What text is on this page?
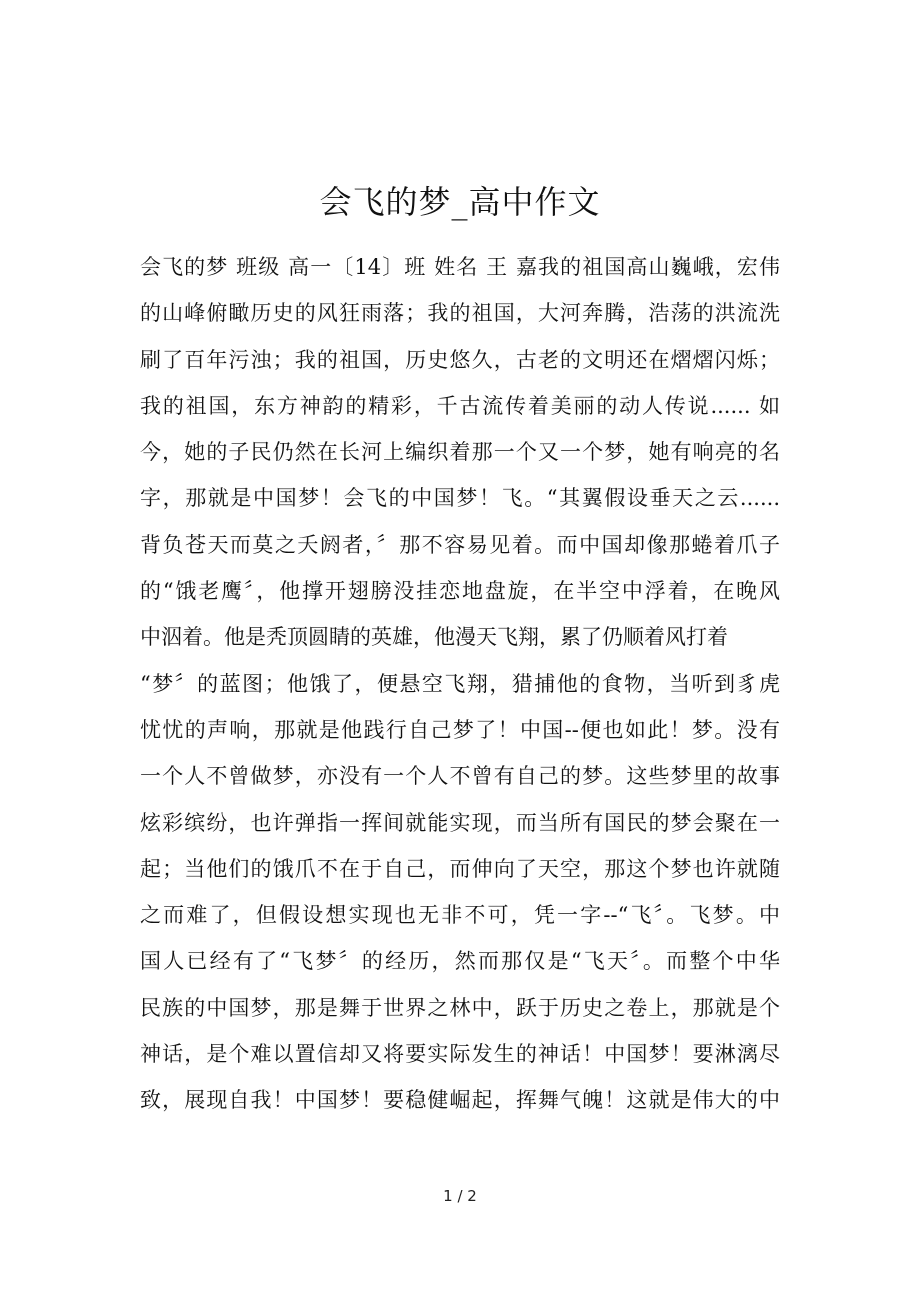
会飞的梦_高中作文
会飞的梦 班级 高一〔14〕班 姓名 王 嘉我的祖国高山巍峨，宏伟
的山峰俯瞰历史的风狂雨落；我的祖国，大河奔腾，浩荡的洪流洗
刷了百年污浊；我的祖国，历史悠久，古老的文明还在熠熠闪烁；
我的祖国，东方神韵的精彩，千古流传着美丽的动人传说...... 如
今，她的子民仍然在长河上编织着那一个又一个梦，她有响亮的名
字，那就是中国梦！会飞的中国梦！飞。“其翼假设垂天之云......
背负苍天而莫之夭阏者，〞那不容易见着。而中国却像那蜷着爪子
的“饿老鹰〞，他撑开翅膀没挂恋地盘旋，在半空中浮着，在晚风
中泅着。他是秃顶圆睛的英雄，他漫天飞翔，累了仍顺着风打着
“梦〞的蓝图；他饿了，便悬空飞翔，猎捕他的食物，当听到豸虎
忧忧的声响，那就是他践行自己梦了！中国--便也如此！梦。没有
一个人不曾做梦，亦没有一个人不曾有自己的梦。这些梦里的故事
炫彩缤纷，也许弹指一挥间就能实现，而当所有国民的梦会聚在一
起；当他们的饿爪不在于自己，而伸向了天空，那这个梦也许就随
之而难了，但假设想实现也无非不可，凭一字--“飞〞。飞梦。中
国人已经有了“飞梦〞的经历，然而那仅是“飞天〞。而整个中华
民族的中国梦，那是舞于世界之林中，跃于历史之卷上，那就是个
神话，是个难以置信却又将要实际发生的神话！中国梦！要淋漓尽
致，展现自我！中国梦！要稳健崛起，挥舞气魄！这就是伟大的中
1 / 2
